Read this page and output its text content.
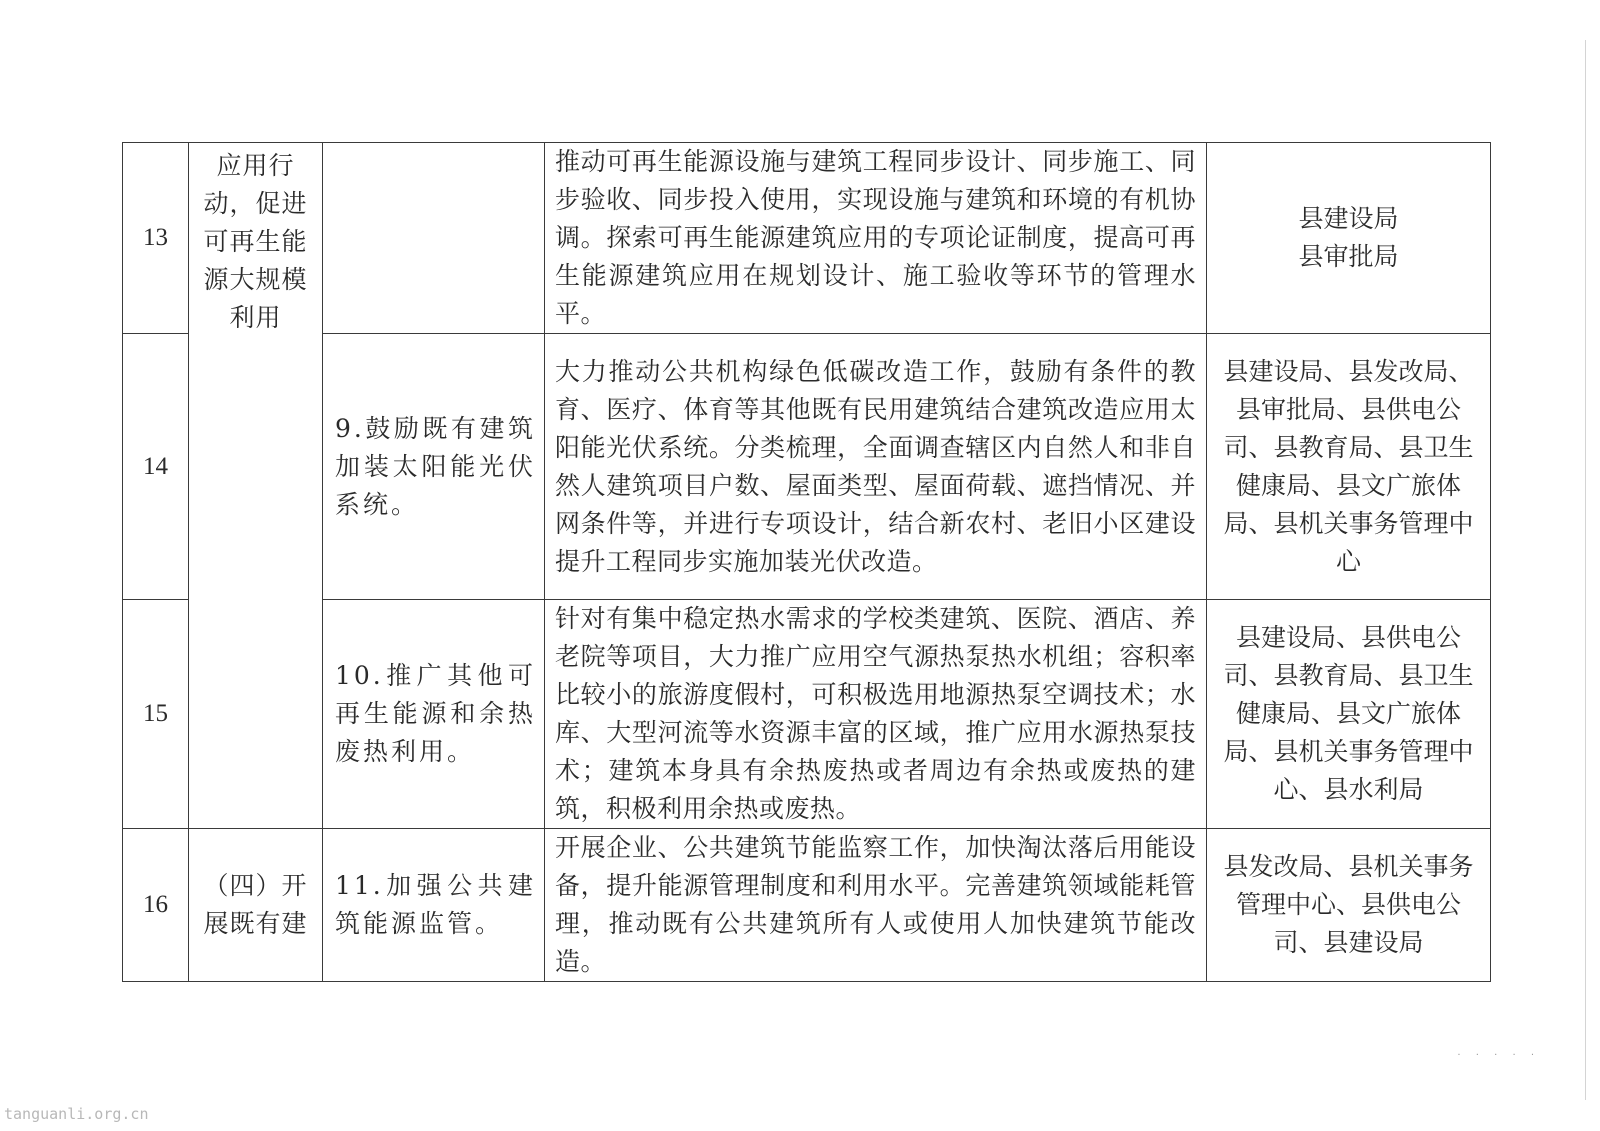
13	应用行动，促进可再生能源大规模利用		推动可再生能源设施与建筑工程同步设计、同步施工、同步验收、同步投入使用，实现设施与建筑和环境的有机协调。探索可再生能源建筑应用的专项论证制度，提高可再生能源建筑应用在规划设计、施工验收等环节的管理水平。	县建设局
县审批局
14		9.鼓励既有建筑加装太阳能光伏系统。	大力推动公共机构绿色低碳改造工作，鼓励有条件的教育、医疗、体育等其他既有民用建筑结合建筑改造应用太阳能光伏系统。分类梳理，全面调查辖区内自然人和非自然人建筑项目户数、屋面类型、屋面荷载、遮挡情况、并网条件等，并进行专项设计，结合新农村、老旧小区建设提升工程同步实施加装光伏改造。	县建设局、县发改局、县审批局、县供电公司、县教育局、县卫生健康局、县文广旅体局、县机关事务管理中心
15		10.推广其他可再生能源和余热废热利用。	针对有集中稳定热水需求的学校类建筑、医院、酒店、养老院等项目，大力推广应用空气源热泵热水机组；容积率比较小的旅游度假村，可积极选用地源热泵空调技术；水库、大型河流等水资源丰富的区域，推广应用水源热泵技术；建筑本身具有余热废热或者周边有余热或废热的建筑，积极利用余热或废热。	县建设局、县供电公司、县教育局、县卫生健康局、县文广旅体局、县机关事务管理中心、县水利局
16	（四）开展既有建	11.加强公共建筑能源监管。	开展企业、公共建筑节能监察工作，加快淘汰落后用能设备，提升能源管理制度和利用水平。完善建筑领域能耗管理，推动既有公共建筑所有人或使用人加快建筑节能改造。	县发改局、县机关事务管理中心、县供电公司、县建设局
· · · · ·
tanguanli.org.cn
